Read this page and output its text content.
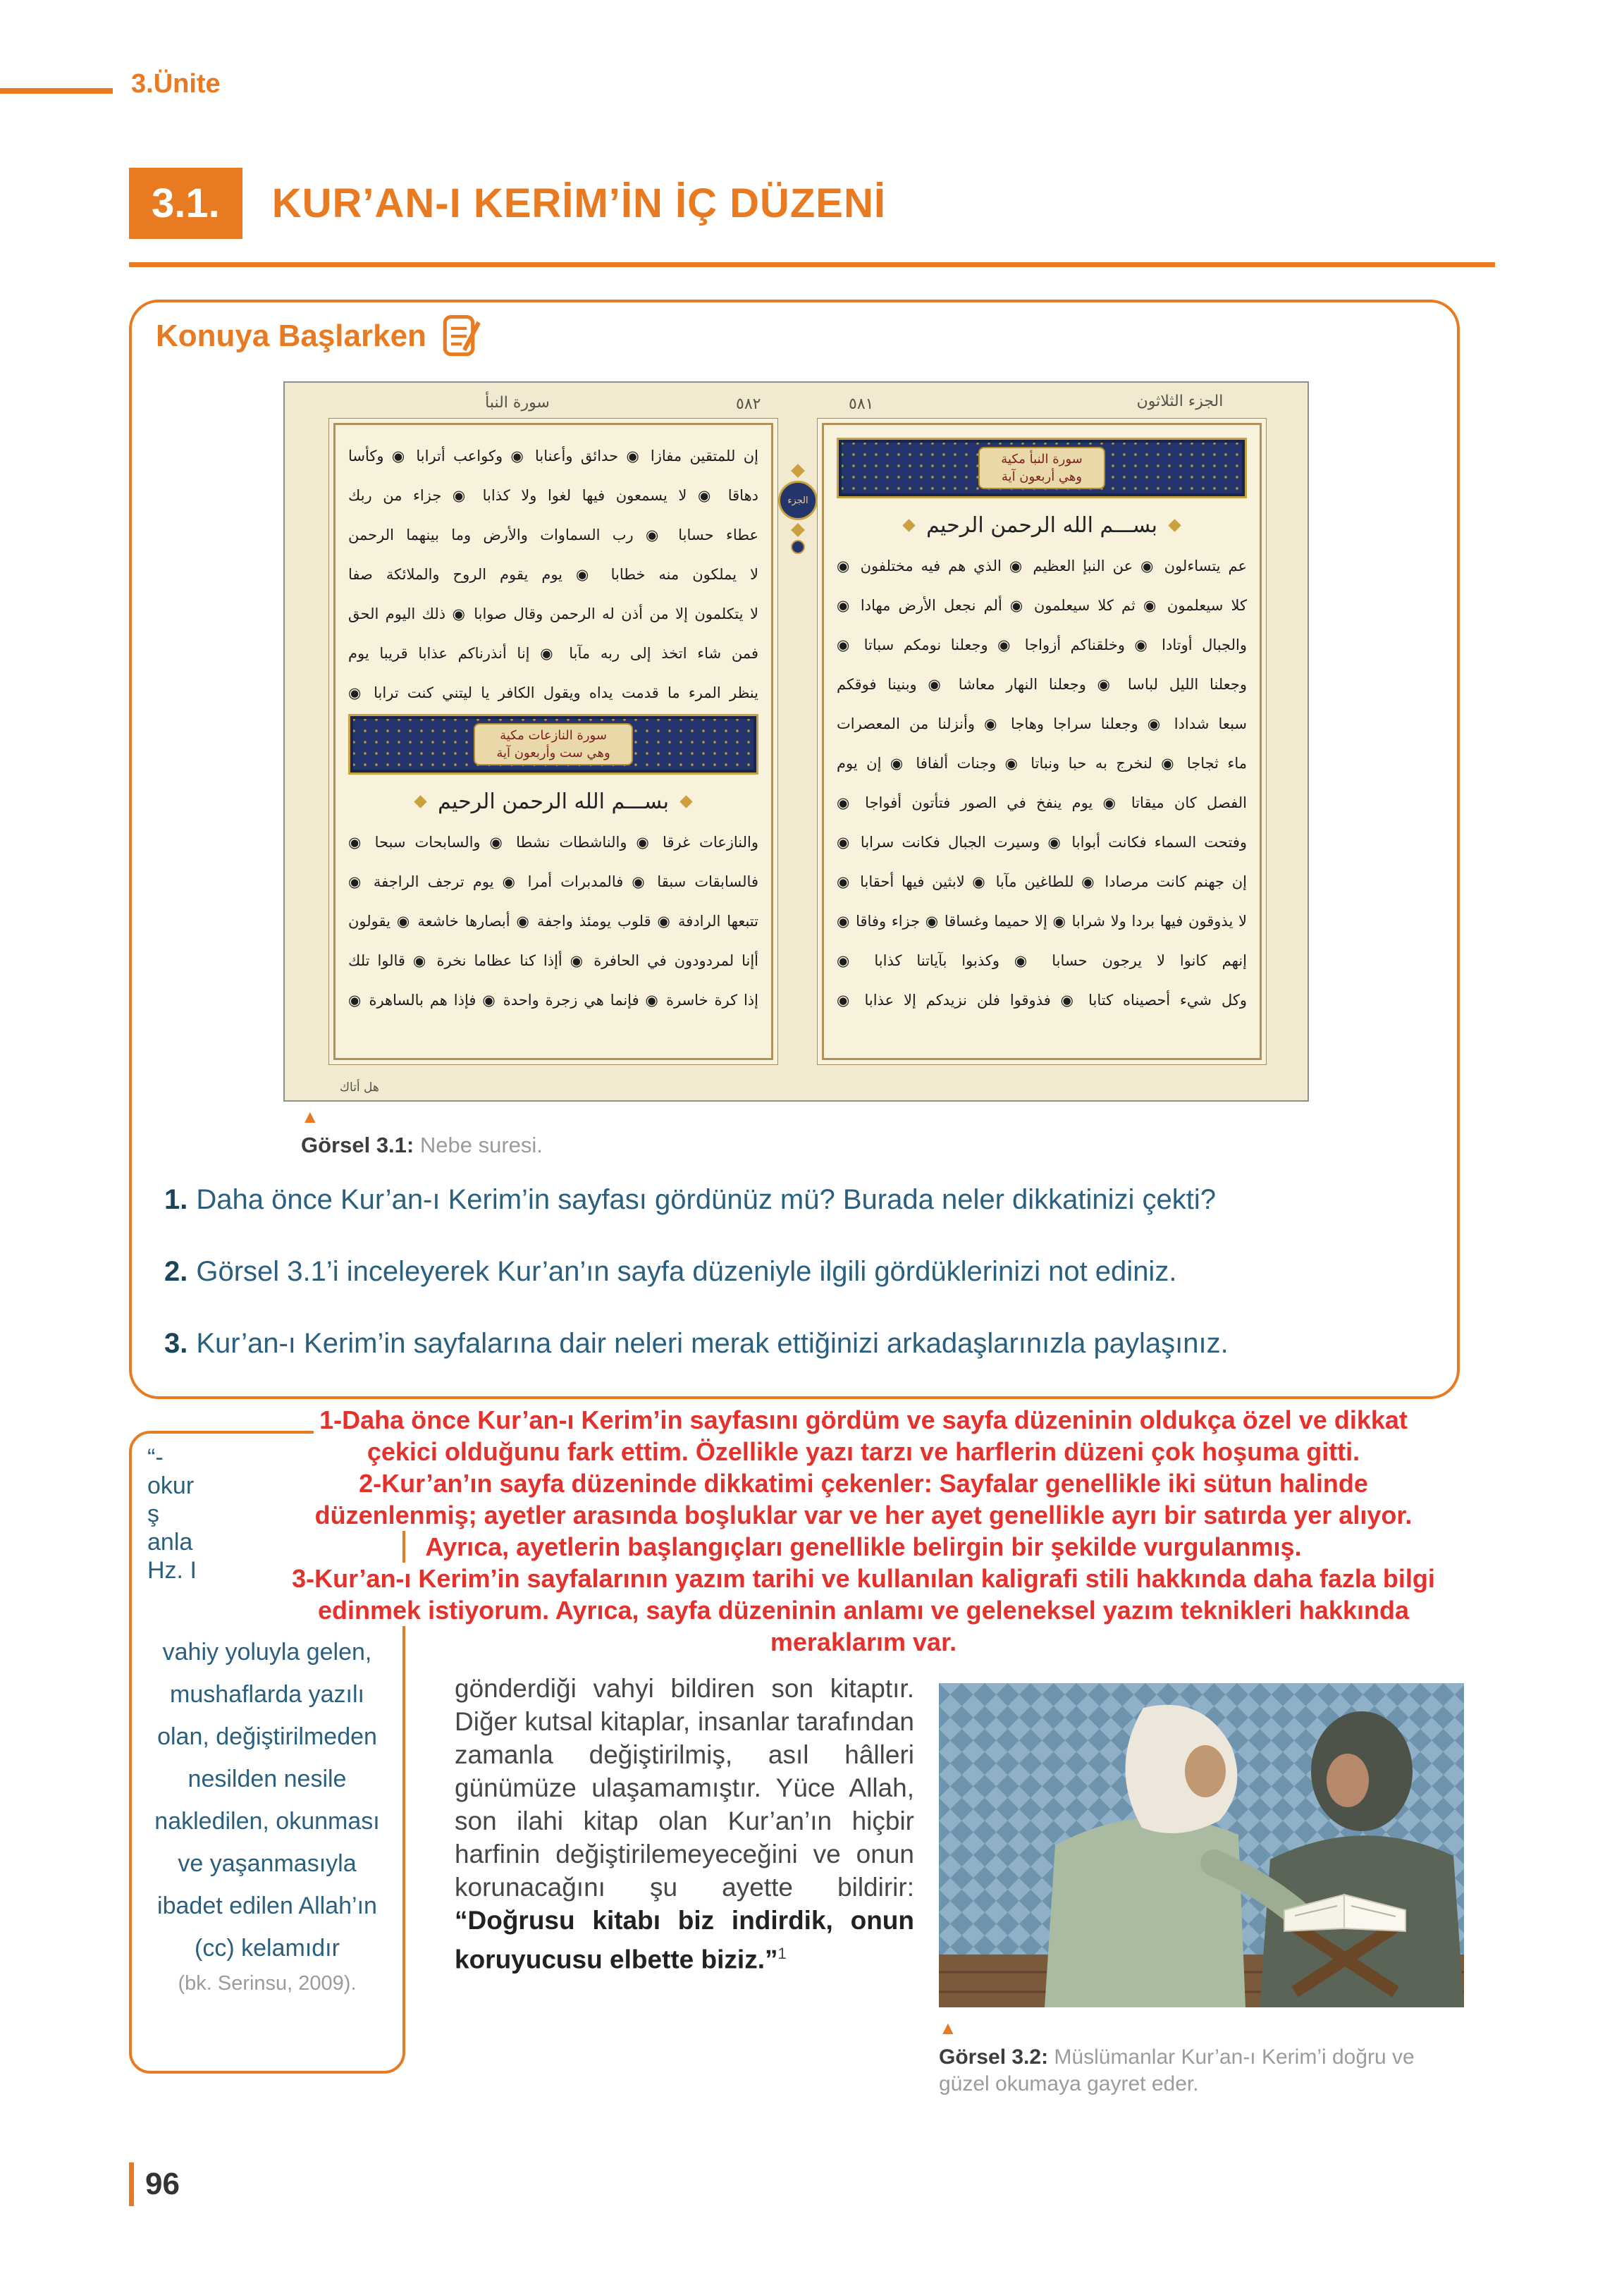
3.Ünite
3.1.	KUR’AN-I KERİM’İN İÇ DÜZENİ
Konuya Başlarken
سورة النبأ	٥٨٢	٥٨١	الجزء الثلاثون
إن للمتقين مفازا ◉ حدائق وأعنابا ◉ وكواعب أترابا ◉ وكأسا
دهاقا ◉ لا يسمعون فيها لغوا ولا كذابا ◉ جزاء من ربك
عطاء حسابا ◉ رب السماوات والأرض وما بينهما الرحمن
لا يملكون منه خطابا ◉ يوم يقوم الروح والملائكة صفا
لا يتكلمون إلا من أذن له الرحمن وقال صوابا ◉ ذلك اليوم الحق
فمن شاء اتخذ إلى ربه مآبا ◉ إنا أنذرناكم عذابا قريبا يوم
ينظر المرء ما قدمت يداه ويقول الكافر يا ليتني كنت ترابا ◉
سورة النازعات مكية
وهي ست وأربعون آية
بســـم الله الرحمن الرحيم
والنازعات غرقا ◉ والناشطات نشطا ◉ والسابحات سبحا ◉
فالسابقات سبقا ◉ فالمدبرات أمرا ◉ يوم ترجف الراجفة ◉
تتبعها الرادفة ◉ قلوب يومئذ واجفة ◉ أبصارها خاشعة ◉ يقولون
أإنا لمردودون في الحافرة ◉ أإذا كنا عظاما نخرة ◉ قالوا تلك
إذا كرة خاسرة ◉ فإنما هي زجرة واحدة ◉ فإذا هم بالساهرة ◉
سورة النبأ مكية
وهي أربعون آية
بســـم الله الرحمن الرحيم
عم يتساءلون ◉ عن النبإ العظيم ◉ الذي هم فيه مختلفون ◉
كلا سيعلمون ◉ ثم كلا سيعلمون ◉ ألم نجعل الأرض مهادا ◉
والجبال أوتادا ◉ وخلقناكم أزواجا ◉ وجعلنا نومكم سباتا ◉
وجعلنا الليل لباسا ◉ وجعلنا النهار معاشا ◉ وبنينا فوقكم
سبعا شدادا ◉ وجعلنا سراجا وهاجا ◉ وأنزلنا من المعصرات
ماء ثجاجا ◉ لنخرج به حبا ونباتا ◉ وجنات ألفافا ◉ إن يوم
الفصل كان ميقاتا ◉ يوم ينفخ في الصور فتأتون أفواجا ◉
وفتحت السماء فكانت أبوابا ◉ وسيرت الجبال فكانت سرابا ◉
إن جهنم كانت مرصادا ◉ للطاغين مآبا ◉ لابثين فيها أحقابا ◉
لا يذوقون فيها بردا ولا شرابا ◉ إلا حميما وغساقا ◉ جزاء وفاقا ◉
إنهم كانوا لا يرجون حسابا ◉ وكذبوا بآياتنا كذابا ◉
وكل شيء أحصيناه كتابا ◉ فذوقوا فلن نزيدكم إلا عذابا ◉
الجزء
هل أتاك
▲
Görsel 3.1: Nebe suresi.
1. Daha önce Kur’an-ı Kerim’in sayfası gördünüz mü? Burada neler dikkatinizi çekti?
2. Görsel 3.1’i inceleyerek Kur’an’ın sayfa düzeniyle ilgili gördüklerinizi not ediniz.
3. Kur’an-ı Kerim’in sayfalarına dair neleri merak ettiğinizi arkadaşlarınızla paylaşınız.
“-
okur
ş
anla
Hz. I
vahiy yoluyla gelen,
mushaflarda yazılı
olan, değiştirilmeden
nesilden nesile
nakledilen, okunması
ve yaşanmasıyla
ibadet edilen Allah’ın
(cc) kelamıdır
(bk. Serinsu, 2009).
gönderdiği vahyi bildiren son kitaptır. Diğer kutsal kitaplar, insanlar tarafından zamanla değiştirilmiş, asıl hâlleri günümüze ulaşamamıştır. Yüce Allah, son ilahi kitap olan Kur’an’ın hiçbir harfinin değiştirilemeyeceğini ve onun korunacağını şu ayette bildirir: “Doğrusu kitabı biz indirdik, onun koruyucusu elbette biziz.”$^1$
▲
Görsel 3.2: Müslümanlar Kur’an-ı Kerim’i doğru ve güzel okumaya gayret eder.
1-Daha önce Kur’an-ı Kerim’in sayfasını gördüm ve sayfa düzeninin oldukça özel ve dikkat
çekici olduğunu fark ettim. Özellikle yazı tarzı ve harflerin düzeni çok hoşuma gitti.
2-Kur’an’ın sayfa düzeninde dikkatimi çekenler: Sayfalar genellikle iki sütun halinde
düzenlenmiş; ayetler arasında boşluklar var ve her ayet genellikle ayrı bir satırda yer alıyor.
Ayrıca, ayetlerin başlangıçları genellikle belirgin bir şekilde vurgulanmış.
3-Kur’an-ı Kerim’in sayfalarının yazım tarihi ve kullanılan kaligrafi stili hakkında daha fazla bilgi
edinmek istiyorum. Ayrıca, sayfa düzeninin anlamı ve geleneksel yazım teknikleri hakkında
meraklarım var.
96
